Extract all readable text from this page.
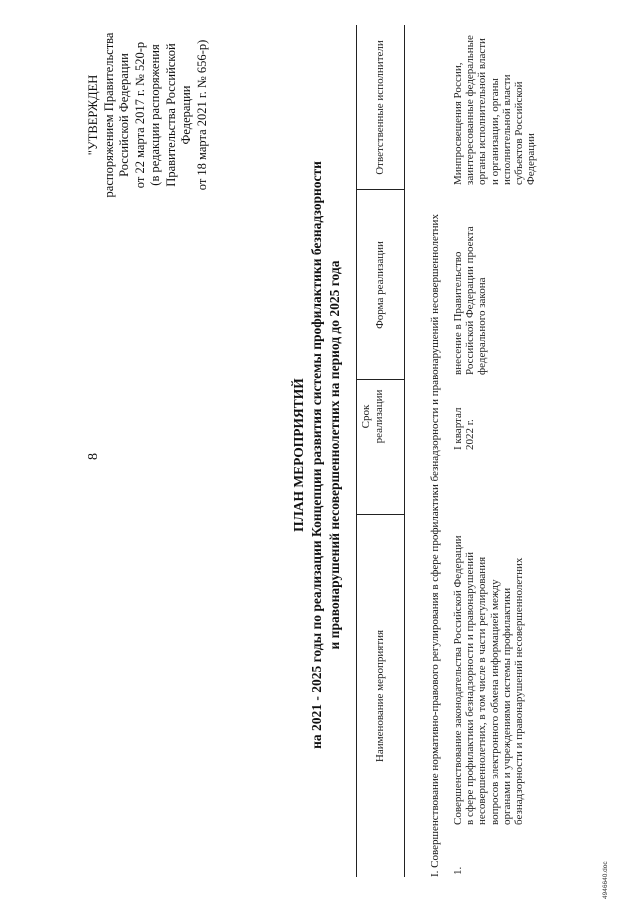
8
"УТВЕРЖДЕН распоряжением Правительства Российской Федерации от 22 марта 2017 г. № 520-р (в редакции распоряжения Правительства Российской Федерации от 18 марта 2021 г. № 656-р)
ПЛАН МЕРОПРИЯТИЙ на 2021 - 2025 годы по реализации Концепции развития системы профилактики безнадзорности и правонарушений несовершеннолетних на период до 2025 года
Наименование мероприятия
Срок реализации
Форма реализации
Ответственные исполнители
I. Совершенствование нормативно-правового регулирования в сфере профилактики безнадзорности и правонарушений несовершеннолетних 1.
Совершенствование законодательства Российской Федерации в сфере профилактики безнадзорности и правонарушений несовершеннолетних, в том числе в части регулирования вопросов электронного обмена информацией между органами и учреждениями системы профилактики безнадзорности и правонарушений несовершеннолетних
I квартал 2022 г.
внесение в Правительство Российской Федерации проекта федерального закона
Минпросвещения России, заинтересованные федеральные органы исполнительной власти и организации, органы исполнительной власти субъектов Российской Федерации
4946640.doc
